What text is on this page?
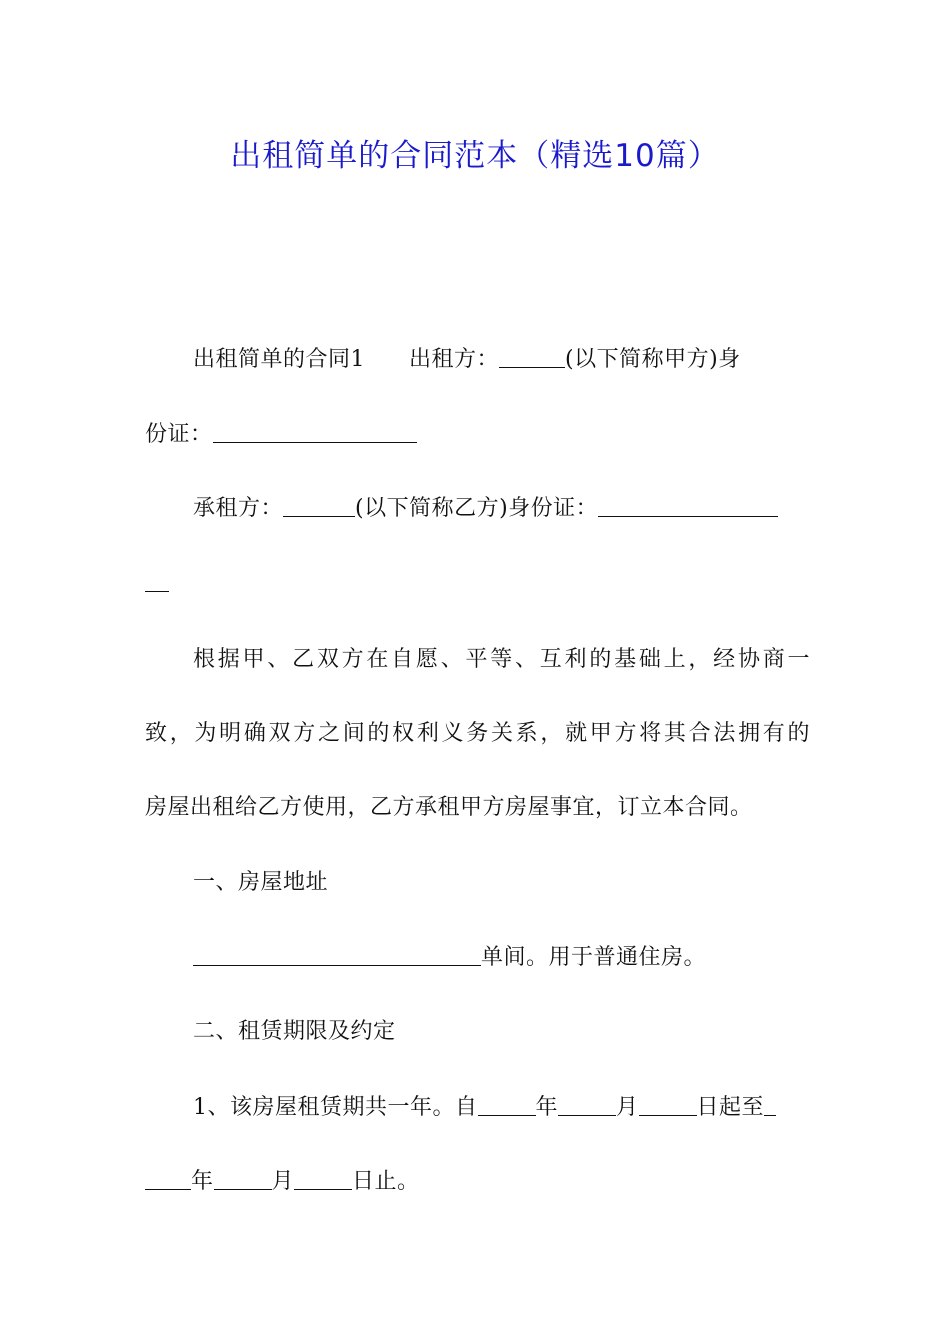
出租简单的合同范本（精选10篇）
出租简单的合同1 出租方：	(以下简称甲方)身
份证：
承租方：	(以下简称乙方)身份证：
根据甲、乙双方在自愿、平等、互利的基础上，经协商一
致，为明确双方之间的权利义务关系，就甲方将其合法拥有的
房屋出租给乙方使用，乙方承租甲方房屋事宜，订立本合同。
一、房屋地址
单间。用于普通住房。
二、租赁期限及约定
1、该房屋租赁期共一年。自	年	月	日起至
年	月	日止。
